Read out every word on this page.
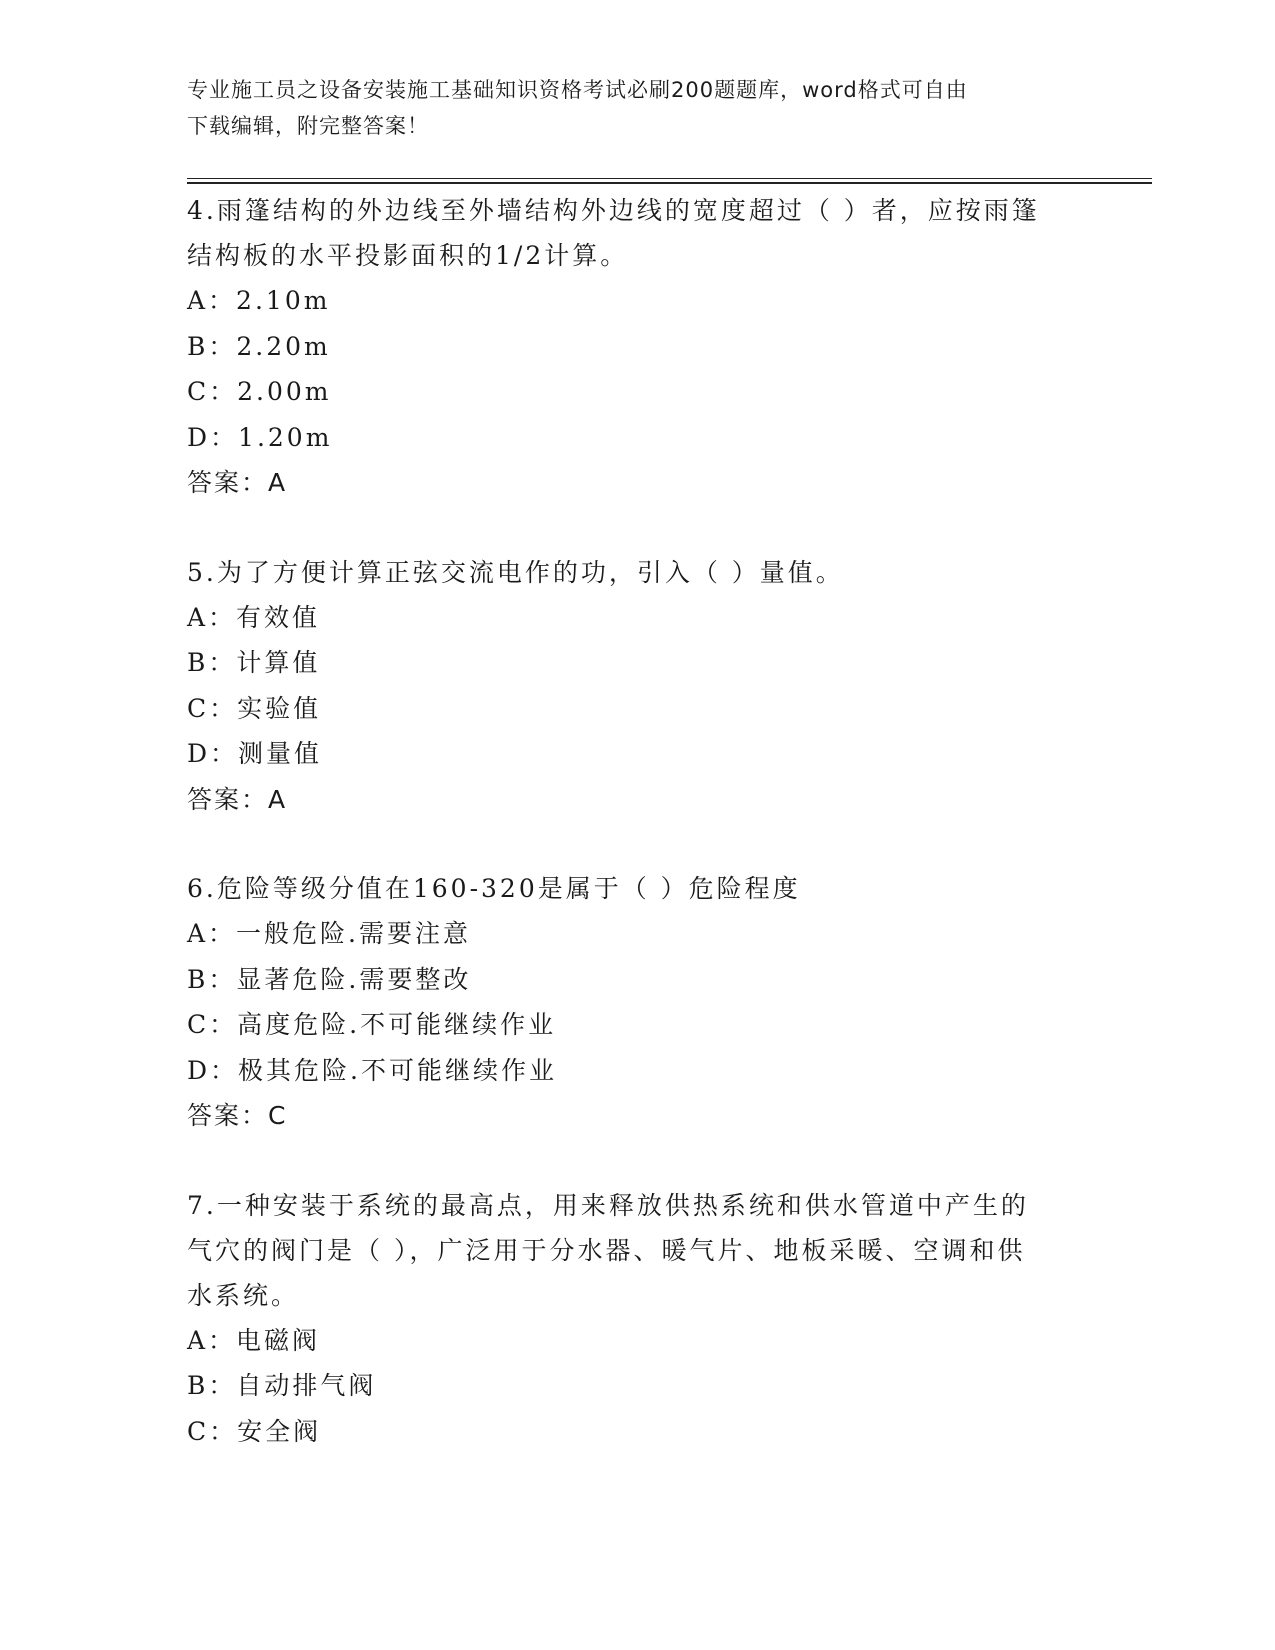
专业施工员之设备安装施工基础知识资格考试必刷200题题库，word格式可自由
下载编辑，附完整答案！

4.雨篷结构的外边线至外墙结构外边线的宽度超过（ ）者，应按雨篷

结构板的水平投影面积的1/2计算。

A：2.10m

B：2.20m

C：2.00m

D：1.20m

答案：A

5.为了方便计算正弦交流电作的功，引入（ ）量值。

A：有效值

B：计算值

C：实验值

D：测量值

答案：A

6.危险等级分值在160-320是属于（ ）危险程度

A：一般危险.需要注意

B：显著危险.需要整改

C：高度危险.不可能继续作业

D：极其危险.不可能继续作业

答案：C

7.一种安装于系统的最高点，用来释放供热系统和供水管道中产生的

气穴的阀门是（ ），广泛用于分水器、暖气片、地板采暖、空调和供

水系统。

A：电磁阀

B：自动排气阀

C：安全阀
